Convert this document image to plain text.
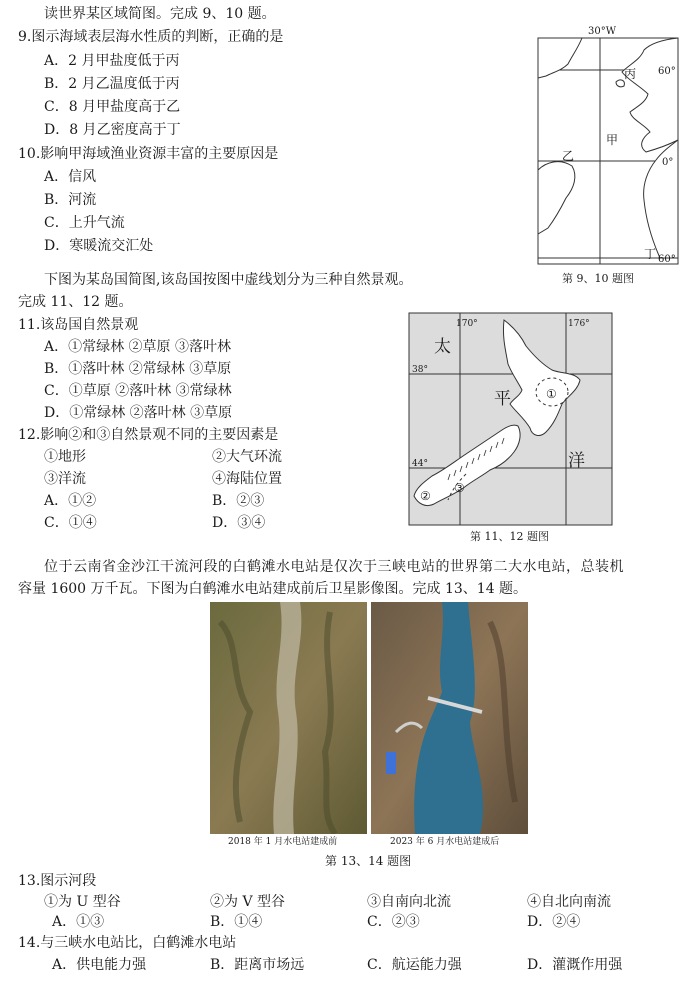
读世界某区域简图。完成 9、10 题。
9.图示海域表层海水性质的判断，正确的是
A．2 月甲盐度低于丙
B．2 月乙温度低于丙
C．8 月甲盐度高于乙
D．8 月乙密度高于丁
10.影响甲海域渔业资源丰富的主要原因是
A．信风
B．河流
C．上升气流
D．寒暖流交汇处
30°W
60°
0°
60°
丙
甲
乙
丁
第 9、10 题图
下图为某岛国简图,该岛国按图中虚线划分为三种自然景观。
完成 11、12 题。
11.该岛国自然景观
A．①常绿林 ②草原 ③落叶林
B．①落叶林 ②常绿林 ③草原
C．①草原 ②落叶林 ③常绿林
D．①常绿林 ②落叶林 ③草原
12.影响②和③自然景观不同的主要因素是
①地形	②大气环流
③洋流	④海陆位置
A．①②	B．②③
C．①④	D．③④
170°	176°
38°
44°
太
平
洋
①
②
③
第 11、12 题图
位于云南省金沙江干流河段的白鹤滩水电站是仅次于三峡电站的世界第二大水电站，总装机
容量 1600 万千瓦。下图为白鹤滩水电站建成前后卫星影像图。完成 13、14 题。
2018 年 1 月水电站建成前	2023 年 6 月水电站建成后
第 13、14 题图
13.图示河段
①为 U 型谷	②为 V 型谷	③自南向北流	④自北向南流
A．①③	B．①④	C．②③	D．②④
14.与三峡水电站比，白鹤滩水电站
A．供电能力强	B．距离市场远	C．航运能力强	D．灌溉作用强
